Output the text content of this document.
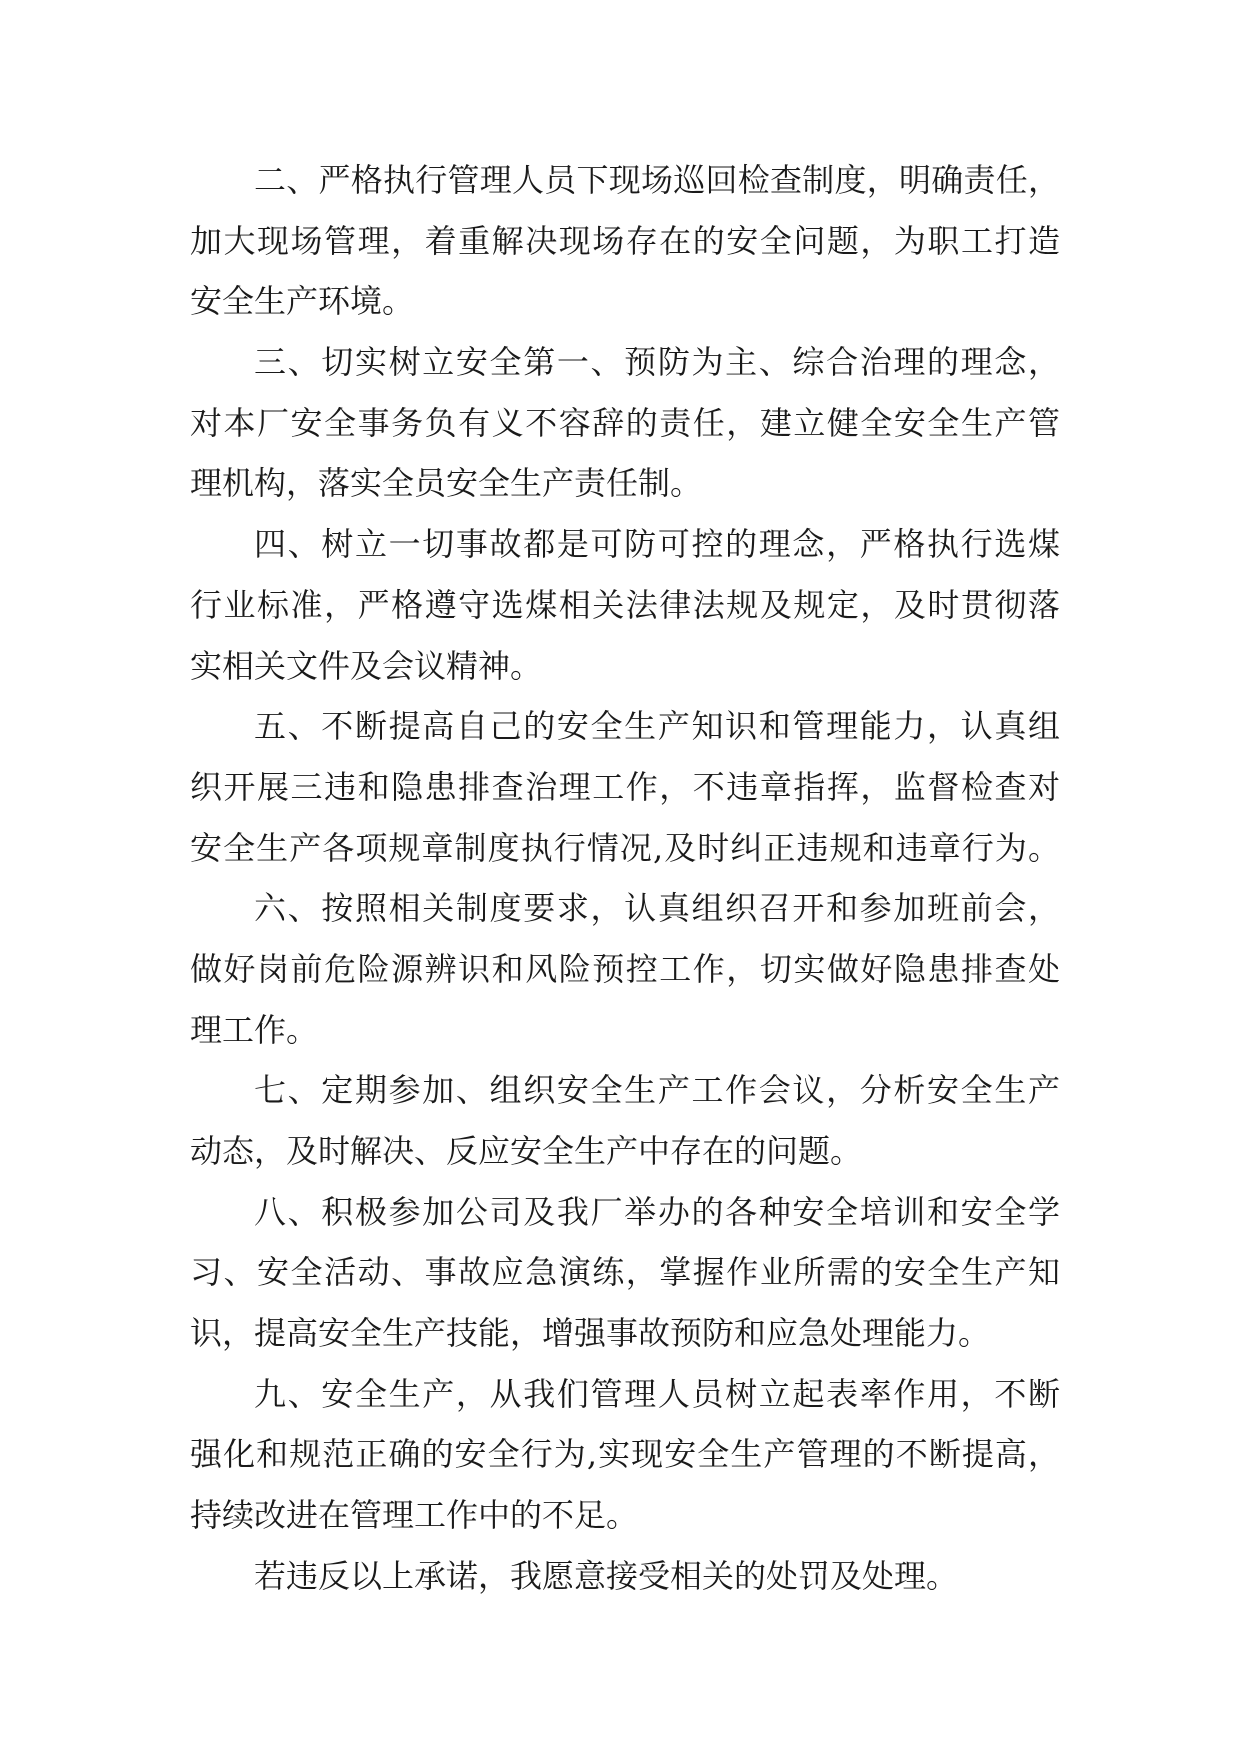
二、严格执行管理人员下现场巡回检查制度，明确责任，
加大现场管理，着重解决现场存在的安全问题，为职工打造
安全生产环境。
三、切实树立安全第一、预防为主、综合治理的理念，
对本厂安全事务负有义不容辞的责任，建立健全安全生产管
理机构，落实全员安全生产责任制。
四、树立一切事故都是可防可控的理念，严格执行选煤
行业标准，严格遵守选煤相关法律法规及规定，及时贯彻落
实相关文件及会议精神。
五、不断提高自己的安全生产知识和管理能力，认真组
织开展三违和隐患排查治理工作，不违章指挥，监督检查对
安全生产各项规章制度执行情况,及时纠正违规和违章行为。
六、按照相关制度要求，认真组织召开和参加班前会，
做好岗前危险源辨识和风险预控工作，切实做好隐患排查处
理工作。
七、定期参加、组织安全生产工作会议，分析安全生产
动态，及时解决、反应安全生产中存在的问题。
八、积极参加公司及我厂举办的各种安全培训和安全学
习、安全活动、事故应急演练，掌握作业所需的安全生产知
识，提高安全生产技能，增强事故预防和应急处理能力。
九、安全生产，从我们管理人员树立起表率作用，不断
强化和规范正确的安全行为,实现安全生产管理的不断提高，
持续改进在管理工作中的不足。
若违反以上承诺，我愿意接受相关的处罚及处理。
